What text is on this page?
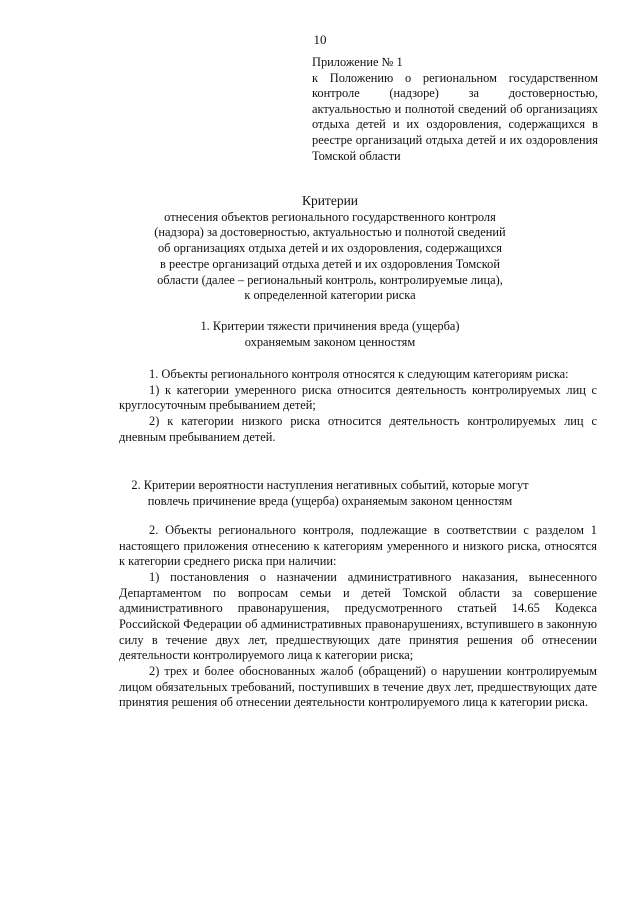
10
Приложение № 1
к Положению о региональном государственном контроле (надзоре) за достоверностью, актуальностью и полнотой сведений об организациях отдыха детей и их оздоровления, содержащихся в реестре организаций отдыха детей и их оздоровления Томской области
Критерии
отнесения объектов регионального государственного контроля
(надзора) за достоверностью, актуальностью и полнотой сведений
об организациях отдыха детей и их оздоровления, содержащихся
в реестре организаций отдыха детей и их оздоровления Томской
области (далее – региональный контроль, контролируемые лица),
к определенной категории риска
1. Критерии тяжести причинения вреда (ущерба)
охраняемым законом ценностям

1. Объекты регионального контроля относятся к следующим категориям риска:

1) к категории умеренного риска относится деятельность контролируемых лиц с круглосуточным пребыванием детей;

2) к категории низкого риска относится деятельность контролируемых лиц с дневным пребыванием детей.

2. Критерии вероятности наступления негативных событий, которые могут
повлечь причинение вреда (ущерба) охраняемым законом ценностям

2. Объекты регионального контроля, подлежащие в соответствии с разделом 1 настоящего приложения отнесению к категориям умеренного и низкого риска, относятся к категории среднего риска при наличии:

1) постановления о назначении административного наказания, вынесенного Департаментом по вопросам семьи и детей Томской области за совершение административного правонарушения, предусмотренного статьей 14.65 Кодекса Российской Федерации об административных правонарушениях, вступившего в законную силу в течение двух лет, предшествующих дате принятия решения об отнесении деятельности контролируемого лица к категории риска;

2) трех и более обоснованных жалоб (обращений) о нарушении контролируемым лицом обязательных требований, поступивших в течение двух лет, предшествующих дате принятия решения об отнесении деятельности контролируемого лица к категории риска.
